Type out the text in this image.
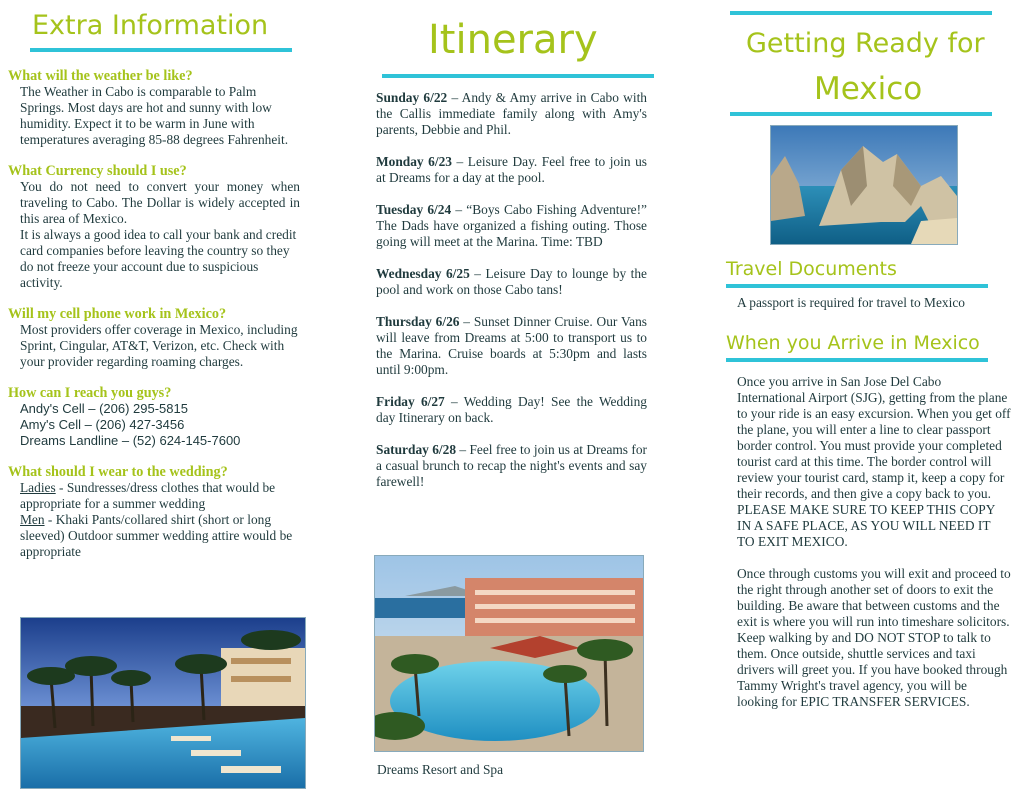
Extra Information

What will the weather be like?

The Weather in Cabo is comparable to Palm Springs. Most days are hot and sunny with low humidity. Expect it to be warm in June with temperatures averaging 85-88 degrees Fahrenheit.

What Currency should I use?

You do not need to convert your money when traveling to Cabo. The Dollar is widely accepted in this area of Mexico.

It is always a good idea to call your bank and credit card companies before leaving the country so they do not freeze your account due to suspicious activity.

Will my cell phone work in Mexico?

Most providers offer coverage in Mexico, including Sprint, Cingular, AT&T, Verizon, etc. Check with your provider regarding roaming charges.

How can I reach you guys?

Andy's Cell – (206) 295-5815

Amy's Cell – (206) 427-3456

Dreams Landline – (52) 624-145-7600

What should I wear to the wedding?

Ladies - Sundresses/dress clothes that would be appropriate for a summer wedding

Men - Khaki Pants/collared shirt (short or long sleeved) Outdoor summer wedding attire would be appropriate

Itinerary

Sunday 6/22 – Andy & Amy arrive in Cabo with the Callis immediate family along with Amy's parents, Debbie and Phil.

Monday 6/23 – Leisure Day. Feel free to join us at Dreams for a day at the pool.

Tuesday 6/24 – “Boys Cabo Fishing Adventure!” The Dads have organized a fishing outing. Those going will meet at the Marina. Time: TBD

Wednesday 6/25 – Leisure Day to lounge by the pool and work on those Cabo tans!

Thursday 6/26 – Sunset Dinner Cruise. Our Vans will leave from Dreams at 5:00 to transport us to the Marina. Cruise boards at 5:30pm and lasts until 9:00pm.

Friday 6/27 – Wedding Day! See the Wedding day Itinerary on back.

Saturday 6/28 – Feel free to join us at Dreams for a casual brunch to recap the night's events and say farewell!

Dreams Resort and Spa

Getting Ready for
Mexico
Travel Documents

A passport is required for travel to Mexico

When you Arrive in Mexico

Once you arrive in San Jose Del Cabo International Airport (SJG), getting from the plane to your ride is an easy excursion. When you get off the plane, you will enter a line to clear passport border control. You must provide your completed tourist card at this time. The border control will review your tourist card, stamp it, keep a copy for their records, and then give a copy back to you. PLEASE MAKE SURE TO KEEP THIS COPY IN A SAFE PLACE, AS YOU WILL NEED IT TO EXIT MEXICO.

Once through customs you will exit and proceed to the right through another set of doors to exit the building. Be aware that between customs and the exit is where you will run into timeshare solicitors. Keep walking by and DO NOT STOP to talk to them. Once outside, shuttle services and taxi drivers will greet you. If you have booked through Tammy Wright's travel agency, you will be looking for EPIC TRANSFER SERVICES.
